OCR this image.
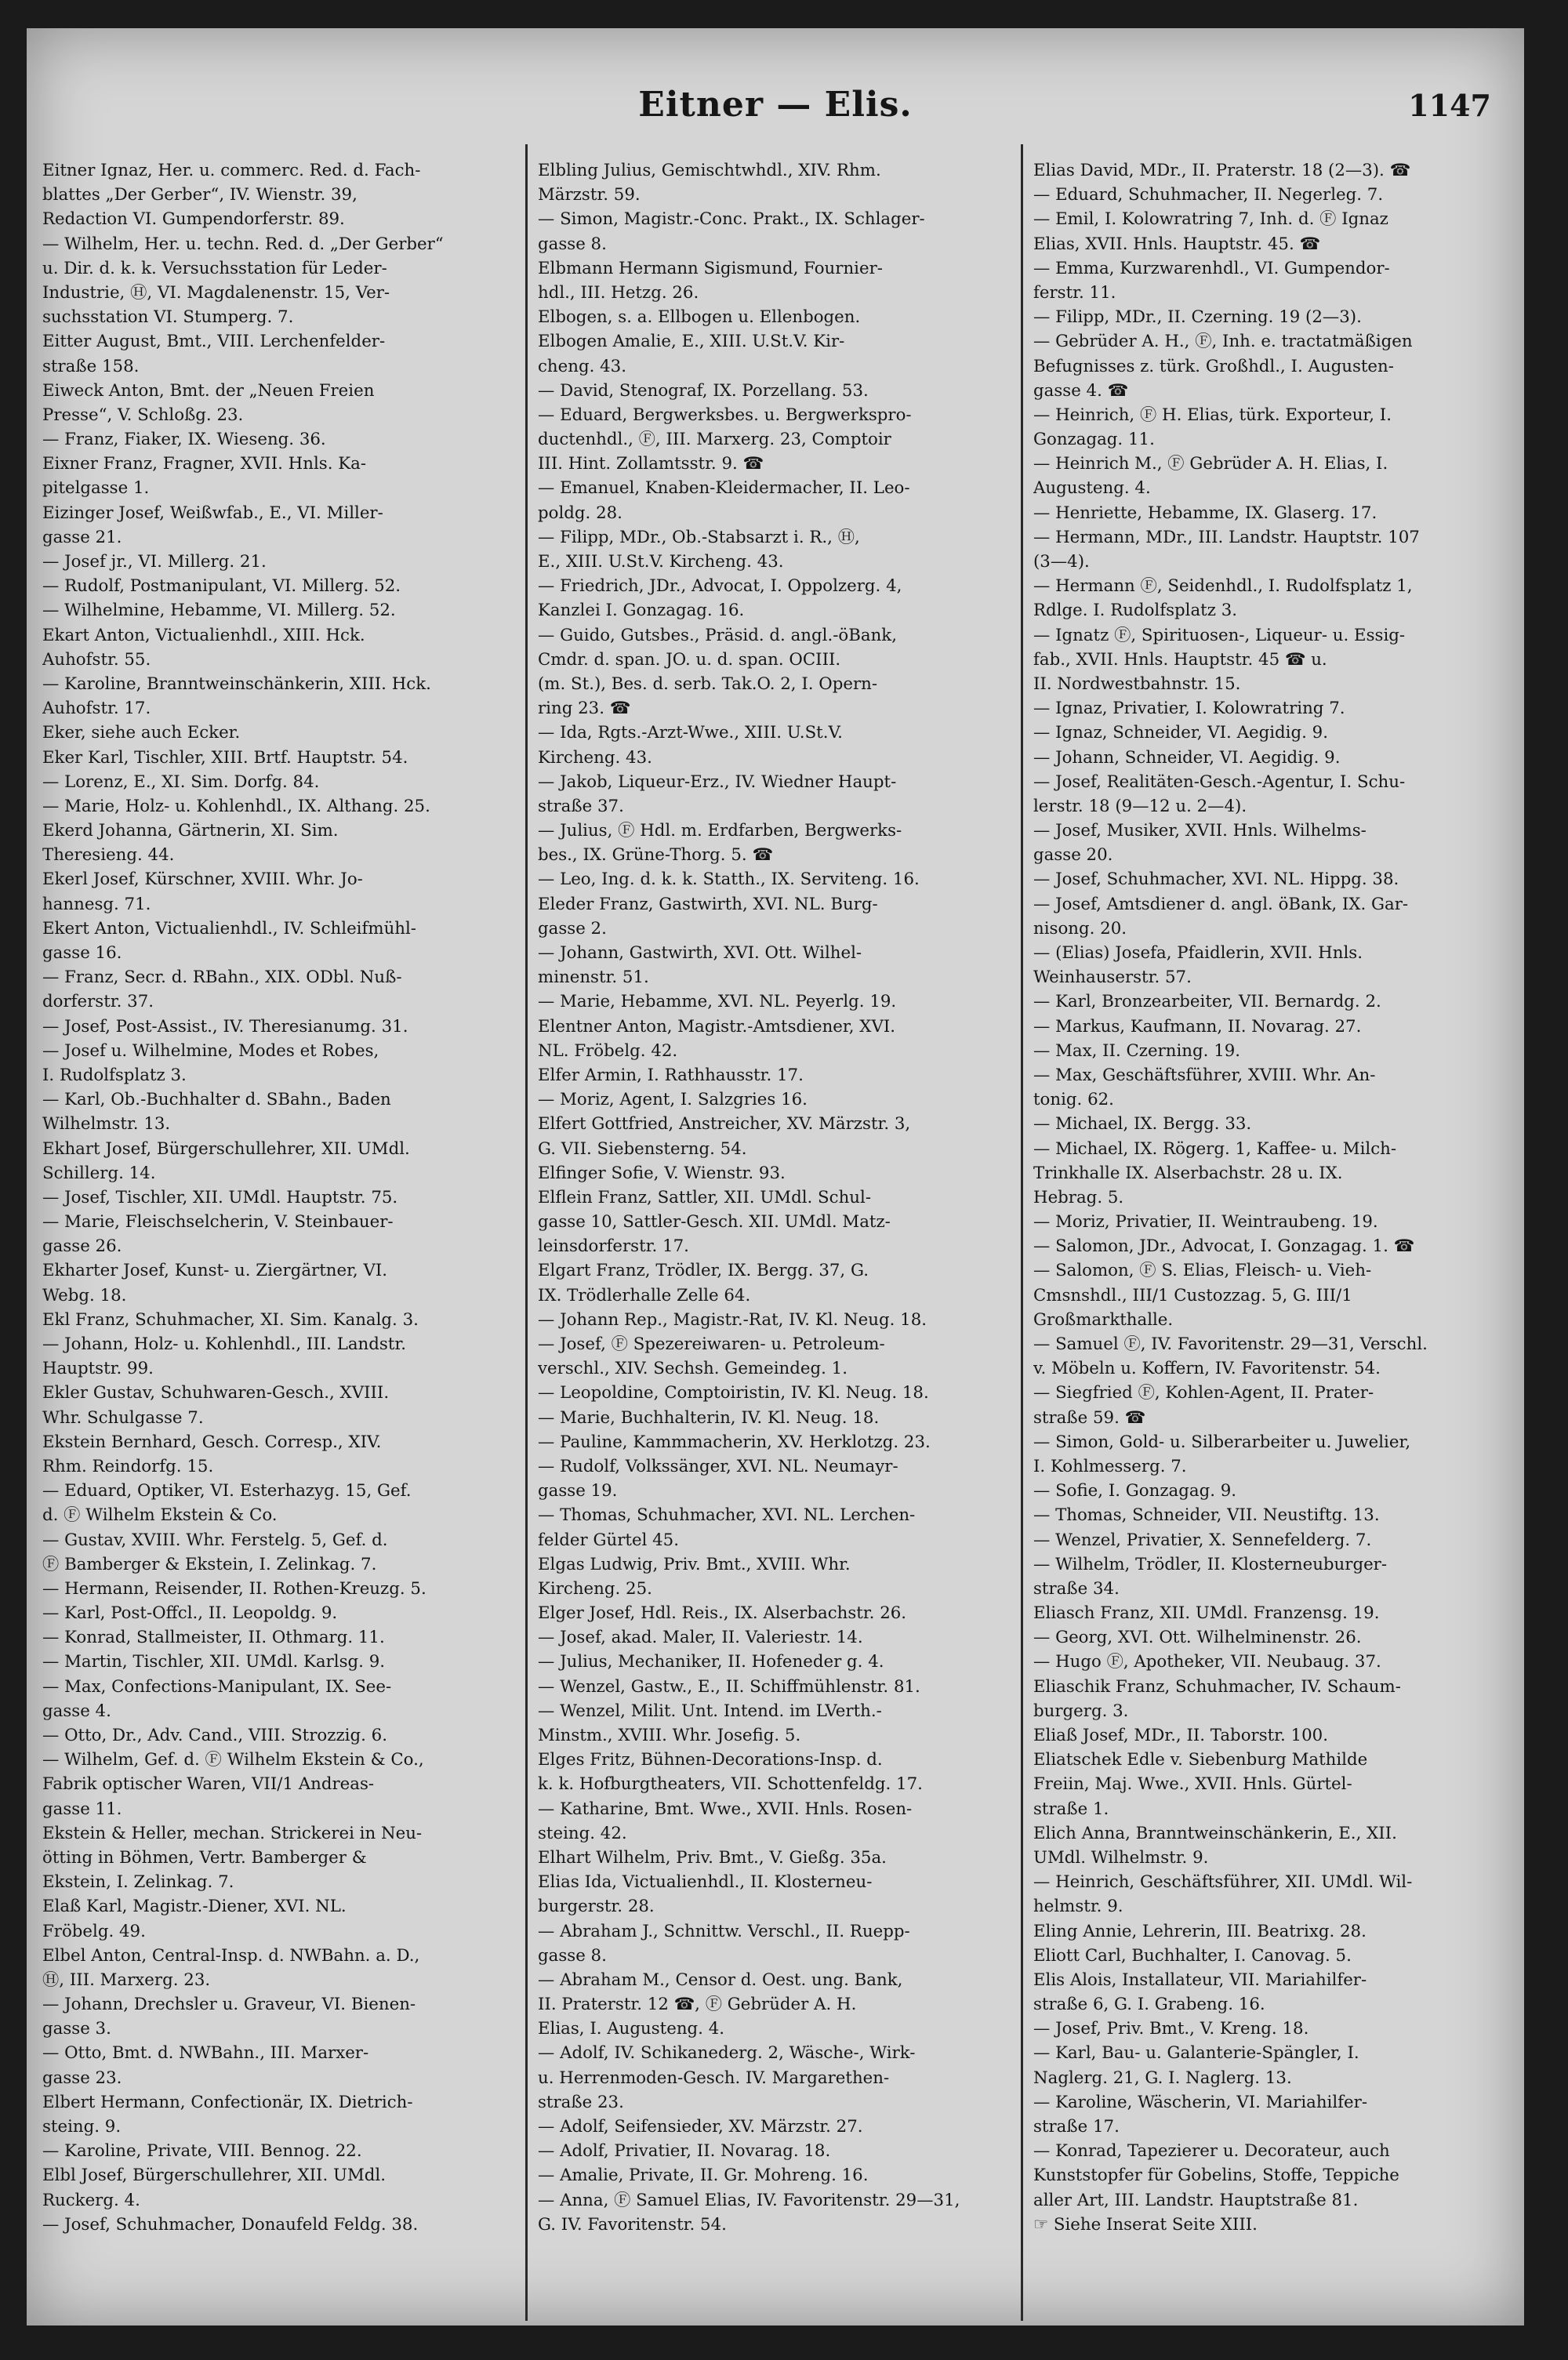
Eitner — Elis.	1147
Eitner Ignaz, Her. u. commerc. Red. d. Fach-
blattes „Der Gerber“, IV. Wienstr. 39,
Redaction VI. Gumpendorferstr. 89.
— Wilhelm, Her. u. techn. Red. d. „Der Gerber“
u. Dir. d. k. k. Versuchsstation für Leder-
Industrie, Ⓗ, VI. Magdalenenstr. 15, Ver-
suchsstation VI. Stumperg. 7.
Eitter August, Bmt., VIII. Lerchenfelder-
straße 158.
Eiweck Anton, Bmt. der „Neuen Freien
Presse“, V. Schloßg. 23.
— Franz, Fiaker, IX. Wieseng. 36.
Eixner Franz, Fragner, XVII. Hnls. Ka-
pitelgasse 1.
Eizinger Josef, Weißwfab., E., VI. Miller-
gasse 21.
— Josef jr., VI. Millerg. 21.
— Rudolf, Postmanipulant, VI. Millerg. 52.
— Wilhelmine, Hebamme, VI. Millerg. 52.
Ekart Anton, Victualienhdl., XIII. Hck.
Auhofstr. 55.
— Karoline, Branntweinschänkerin, XIII. Hck.
Auhofstr. 17.
Eker, siehe auch Ecker.
Eker Karl, Tischler, XIII. Brtf. Hauptstr. 54.
— Lorenz, E., XI. Sim. Dorfg. 84.
— Marie, Holz- u. Kohlenhdl., IX. Althang. 25.
Ekerd Johanna, Gärtnerin, XI. Sim.
Theresieng. 44.
Ekerl Josef, Kürschner, XVIII. Whr. Jo-
hannesg. 71.
Ekert Anton, Victualienhdl., IV. Schleifmühl-
gasse 16.
— Franz, Secr. d. RBahn., XIX. ODbl. Nuß-
dorferstr. 37.
— Josef, Post-Assist., IV. Theresianumg. 31.
— Josef u. Wilhelmine, Modes et Robes,
I. Rudolfsplatz 3.
— Karl, Ob.-Buchhalter d. SBahn., Baden
Wilhelmstr. 13.
Ekhart Josef, Bürgerschullehrer, XII. UMdl.
Schillerg. 14.
— Josef, Tischler, XII. UMdl. Hauptstr. 75.
— Marie, Fleischselcherin, V. Steinbauer-
gasse 26.
Ekharter Josef, Kunst- u. Ziergärtner, VI.
Webg. 18.
Ekl Franz, Schuhmacher, XI. Sim. Kanalg. 3.
— Johann, Holz- u. Kohlenhdl., III. Landstr.
Hauptstr. 99.
Ekler Gustav, Schuhwaren-Gesch., XVIII.
Whr. Schulgasse 7.
Ekstein Bernhard, Gesch. Corresp., XIV.
Rhm. Reindorfg. 15.
— Eduard, Optiker, VI. Esterhazyg. 15, Gef.
d. Ⓕ Wilhelm Ekstein & Co.
— Gustav, XVIII. Whr. Ferstelg. 5, Gef. d.
Ⓕ Bamberger & Ekstein, I. Zelinkag. 7.
— Hermann, Reisender, II. Rothen-Kreuzg. 5.
— Karl, Post-Offcl., II. Leopoldg. 9.
— Konrad, Stallmeister, II. Othmarg. 11.
— Martin, Tischler, XII. UMdl. Karlsg. 9.
— Max, Confections-Manipulant, IX. See-
gasse 4.
— Otto, Dr., Adv. Cand., VIII. Strozzig. 6.
— Wilhelm, Gef. d. Ⓕ Wilhelm Ekstein & Co.,
Fabrik optischer Waren, VII/1 Andreas-
gasse 11.
Ekstein & Heller, mechan. Strickerei in Neu-
ötting in Böhmen, Vertr. Bamberger &
Ekstein, I. Zelinkag. 7.
Elaß Karl, Magistr.-Diener, XVI. NL.
Fröbelg. 49.
Elbel Anton, Central-Insp. d. NWBahn. a. D.,
Ⓗ, III. Marxerg. 23.
— Johann, Drechsler u. Graveur, VI. Bienen-
gasse 3.
— Otto, Bmt. d. NWBahn., III. Marxer-
gasse 23.
Elbert Hermann, Confectionär, IX. Dietrich-
steing. 9.
— Karoline, Private, VIII. Bennog. 22.
Elbl Josef, Bürgerschullehrer, XII. UMdl.
Ruckerg. 4.
— Josef, Schuhmacher, Donaufeld Feldg. 38.
Elbling Julius, Gemischtwhdl., XIV. Rhm.
Märzstr. 59.
— Simon, Magistr.-Conc. Prakt., IX. Schlager-
gasse 8.
Elbmann Hermann Sigismund, Fournier-
hdl., III. Hetzg. 26.
Elbogen, s. a. Ellbogen u. Ellenbogen.
Elbogen Amalie, E., XIII. U.St.V. Kir-
cheng. 43.
— David, Stenograf, IX. Porzellang. 53.
— Eduard, Bergwerksbes. u. Bergwerkspro-
ductenhdl., Ⓕ, III. Marxerg. 23, Comptoir
III. Hint. Zollamtsstr. 9. ☎
— Emanuel, Knaben-Kleidermacher, II. Leo-
poldg. 28.
— Filipp, MDr., Ob.-Stabsarzt i. R., Ⓗ,
E., XIII. U.St.V. Kircheng. 43.
— Friedrich, JDr., Advocat, I. Oppolzerg. 4,
Kanzlei I. Gonzagag. 16.
— Guido, Gutsbes., Präsid. d. angl.-öBank,
Cmdr. d. span. JO. u. d. span. OCIII.
(m. St.), Bes. d. serb. Tak.O. 2, I. Opern-
ring 23. ☎
— Ida, Rgts.-Arzt-Wwe., XIII. U.St.V.
Kircheng. 43.
— Jakob, Liqueur-Erz., IV. Wiedner Haupt-
straße 37.
— Julius, Ⓕ Hdl. m. Erdfarben, Bergwerks-
bes., IX. Grüne-Thorg. 5. ☎
— Leo, Ing. d. k. k. Statth., IX. Serviteng. 16.
Eleder Franz, Gastwirth, XVI. NL. Burg-
gasse 2.
— Johann, Gastwirth, XVI. Ott. Wilhel-
minenstr. 51.
— Marie, Hebamme, XVI. NL. Peyerlg. 19.
Elentner Anton, Magistr.-Amtsdiener, XVI.
NL. Fröbelg. 42.
Elfer Armin, I. Rathhausstr. 17.
— Moriz, Agent, I. Salzgries 16.
Elfert Gottfried, Anstreicher, XV. Märzstr. 3,
G. VII. Siebensterng. 54.
Elfinger Sofie, V. Wienstr. 93.
Elflein Franz, Sattler, XII. UMdl. Schul-
gasse 10, Sattler-Gesch. XII. UMdl. Matz-
leinsdorferstr. 17.
Elgart Franz, Trödler, IX. Bergg. 37, G.
IX. Trödlerhalle Zelle 64.
— Johann Rep., Magistr.-Rat, IV. Kl. Neug. 18.
— Josef, Ⓕ Spezereiwaren- u. Petroleum-
verschl., XIV. Sechsh. Gemeindeg. 1.
— Leopoldine, Comptoiristin, IV. Kl. Neug. 18.
— Marie, Buchhalterin, IV. Kl. Neug. 18.
— Pauline, Kammmacherin, XV. Herklotzg. 23.
— Rudolf, Volkssänger, XVI. NL. Neumayr-
gasse 19.
— Thomas, Schuhmacher, XVI. NL. Lerchen-
felder Gürtel 45.
Elgas Ludwig, Priv. Bmt., XVIII. Whr.
Kircheng. 25.
Elger Josef, Hdl. Reis., IX. Alserbachstr. 26.
— Josef, akad. Maler, II. Valeriestr. 14.
— Julius, Mechaniker, II. Hofeneder g. 4.
— Wenzel, Gastw., E., II. Schiffmühlenstr. 81.
— Wenzel, Milit. Unt. Intend. im LVerth.-
Minstm., XVIII. Whr. Josefig. 5.
Elges Fritz, Bühnen-Decorations-Insp. d.
k. k. Hofburgtheaters, VII. Schottenfeldg. 17.
— Katharine, Bmt. Wwe., XVII. Hnls. Rosen-
steing. 42.
Elhart Wilhelm, Priv. Bmt., V. Gießg. 35a.
Elias Ida, Victualienhdl., II. Klosterneu-
burgerstr. 28.
— Abraham J., Schnittw. Verschl., II. Ruepp-
gasse 8.
— Abraham M., Censor d. Oest. ung. Bank,
II. Praterstr. 12 ☎, Ⓕ Gebrüder A. H.
Elias, I. Augusteng. 4.
— Adolf, IV. Schikanederg. 2, Wäsche-, Wirk-
u. Herrenmoden-Gesch. IV. Margarethen-
straße 23.
— Adolf, Seifensieder, XV. Märzstr. 27.
— Adolf, Privatier, II. Novarag. 18.
— Amalie, Private, II. Gr. Mohreng. 16.
— Anna, Ⓕ Samuel Elias, IV. Favoritenstr. 29—31,
G. IV. Favoritenstr. 54.
Elias David, MDr., II. Praterstr. 18 (2—3). ☎
— Eduard, Schuhmacher, II. Negerleg. 7.
— Emil, I. Kolowratring 7, Inh. d. Ⓕ Ignaz
Elias, XVII. Hnls. Hauptstr. 45. ☎
— Emma, Kurzwarenhdl., VI. Gumpendor-
ferstr. 11.
— Filipp, MDr., II. Czerning. 19 (2—3).
— Gebrüder A. H., Ⓕ, Inh. e. tractatmäßigen
Befugnisses z. türk. Großhdl., I. Augusten-
gasse 4. ☎
— Heinrich, Ⓕ H. Elias, türk. Exporteur, I.
Gonzagag. 11.
— Heinrich M., Ⓕ Gebrüder A. H. Elias, I.
Augusteng. 4.
— Henriette, Hebamme, IX. Glaserg. 17.
— Hermann, MDr., III. Landstr. Hauptstr. 107
(3—4).
— Hermann Ⓕ, Seidenhdl., I. Rudolfsplatz 1,
Rdlge. I. Rudolfsplatz 3.
— Ignatz Ⓕ, Spirituosen-, Liqueur- u. Essig-
fab., XVII. Hnls. Hauptstr. 45 ☎ u.
II. Nordwestbahnstr. 15.
— Ignaz, Privatier, I. Kolowratring 7.
— Ignaz, Schneider, VI. Aegidig. 9.
— Johann, Schneider, VI. Aegidig. 9.
— Josef, Realitäten-Gesch.-Agentur, I. Schu-
lerstr. 18 (9—12 u. 2—4).
— Josef, Musiker, XVII. Hnls. Wilhelms-
gasse 20.
— Josef, Schuhmacher, XVI. NL. Hippg. 38.
— Josef, Amtsdiener d. angl. öBank, IX. Gar-
nisong. 20.
— (Elias) Josefa, Pfaidlerin, XVII. Hnls.
Weinhauserstr. 57.
— Karl, Bronzearbeiter, VII. Bernardg. 2.
— Markus, Kaufmann, II. Novarag. 27.
— Max, II. Czerning. 19.
— Max, Geschäftsführer, XVIII. Whr. An-
tonig. 62.
— Michael, IX. Bergg. 33.
— Michael, IX. Rögerg. 1, Kaffee- u. Milch-
Trinkhalle IX. Alserbachstr. 28 u. IX.
Hebrag. 5.
— Moriz, Privatier, II. Weintraubeng. 19.
— Salomon, JDr., Advocat, I. Gonzagag. 1. ☎
— Salomon, Ⓕ S. Elias, Fleisch- u. Vieh-
Cmsnshdl., III/1 Custozzag. 5, G. III/1
Großmarkthalle.
— Samuel Ⓕ, IV. Favoritenstr. 29—31, Verschl.
v. Möbeln u. Koffern, IV. Favoritenstr. 54.
— Siegfried Ⓕ, Kohlen-Agent, II. Prater-
straße 59. ☎
— Simon, Gold- u. Silberarbeiter u. Juwelier,
I. Kohlmesserg. 7.
— Sofie, I. Gonzagag. 9.
— Thomas, Schneider, VII. Neustiftg. 13.
— Wenzel, Privatier, X. Sennefelderg. 7.
— Wilhelm, Trödler, II. Klosterneuburger-
straße 34.
Eliasch Franz, XII. UMdl. Franzensg. 19.
— Georg, XVI. Ott. Wilhelminenstr. 26.
— Hugo Ⓕ, Apotheker, VII. Neubaug. 37.
Eliaschik Franz, Schuhmacher, IV. Schaum-
burgerg. 3.
Eliaß Josef, MDr., II. Taborstr. 100.
Eliatschek Edle v. Siebenburg Mathilde
Freiin, Maj. Wwe., XVII. Hnls. Gürtel-
straße 1.
Elich Anna, Branntweinschänkerin, E., XII.
UMdl. Wilhelmstr. 9.
— Heinrich, Geschäftsführer, XII. UMdl. Wil-
helmstr. 9.
Eling Annie, Lehrerin, III. Beatrixg. 28.
Eliott Carl, Buchhalter, I. Canovag. 5.
Elis Alois, Installateur, VII. Mariahilfer-
straße 6, G. I. Grabeng. 16.
— Josef, Priv. Bmt., V. Kreng. 18.
— Karl, Bau- u. Galanterie-Spängler, I.
Naglerg. 21, G. I. Naglerg. 13.
— Karoline, Wäscherin, VI. Mariahilfer-
straße 17.
— Konrad, Tapezierer u. Decorateur, auch
Kunststopfer für Gobelins, Stoffe, Teppiche
aller Art, III. Landstr. Hauptstraße 81.
☞ Siehe Inserat Seite XIII.
